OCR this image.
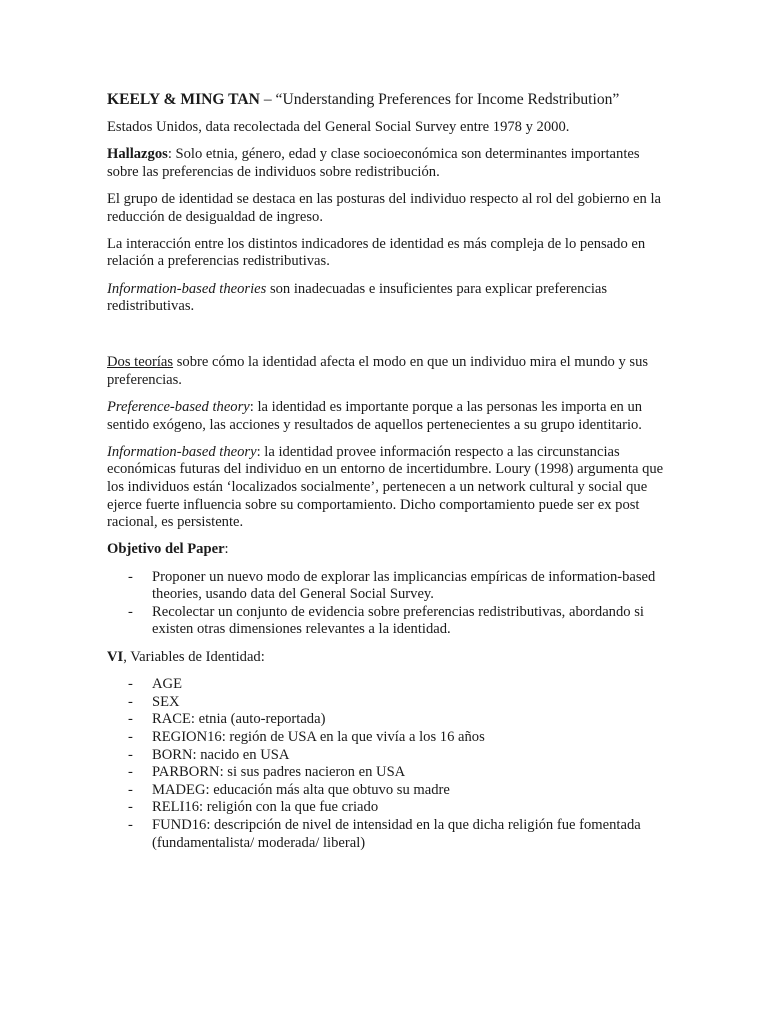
KEELY & MING TAN – “Understanding Preferences for Income Redstribution”

Estados Unidos, data recolectada del General Social Survey entre 1978 y 2000.

Hallazgos: Solo etnia, género, edad y clase socioeconómica son determinantes importantes sobre las preferencias de individuos sobre redistribución.

El grupo de identidad se destaca en las posturas del individuo respecto al rol del gobierno en la reducción de desigualdad de ingreso.

La interacción entre los distintos indicadores de identidad es más compleja de lo pensado en relación a preferencias redistributivas.

Information-based theories son inadecuadas e insuficientes para explicar preferencias redistributivas.

Dos teorías sobre cómo la identidad afecta el modo en que un individuo mira el mundo y sus preferencias.

Preference-based theory: la identidad es importante porque a las personas les importa en un sentido exógeno, las acciones y resultados de aquellos pertenecientes a su grupo identitario.

Information-based theory: la identidad provee información respecto a las circunstancias económicas futuras del individuo en un entorno de incertidumbre. Loury (1998) argumenta que los individuos están ‘localizados socialmente’, pertenecen a un network cultural y social que ejerce fuerte influencia sobre su comportamiento. Dicho comportamiento puede ser ex post racional, es persistente.

Objetivo del Paper:

- Proponer un nuevo modo de explorar las implicancias empíricas de information-based theories, usando data del General Social Survey.
- Recolectar un conjunto de evidencia sobre preferencias redistributivas, abordando si existen otras dimensiones relevantes a la identidad.

VI, Variables de Identidad:

- AGE
- SEX
- RACE: etnia (auto-reportada)
- REGION16: región de USA en la que vivía a los 16 años
- BORN: nacido en USA
- PARBORN: si sus padres nacieron en USA
- MADEG: educación más alta que obtuvo su madre
- RELI16: religión con la que fue criado
- FUND16: descripción de nivel de intensidad en la que dicha religión fue fomentada (fundamentalista/ moderada/ liberal)
